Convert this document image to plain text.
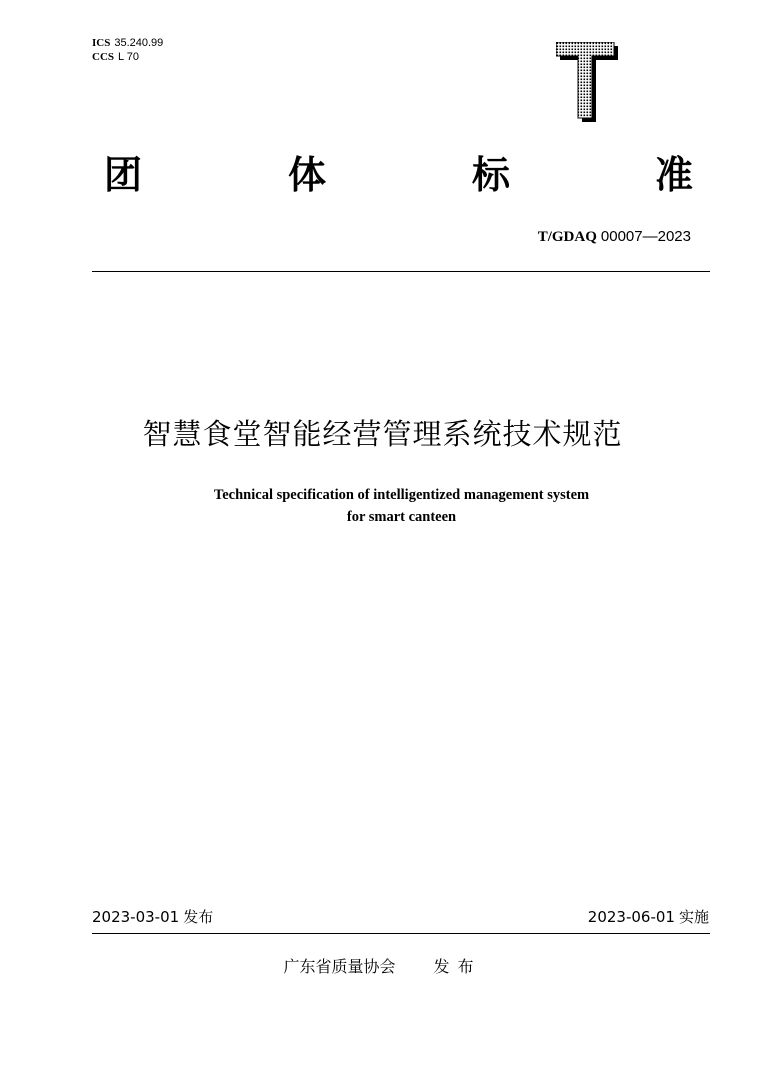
ICS 35.240.99
CCS L 70
团	体	标	准
T/GDAQ 00007—2023
智慧食堂智能经营管理系统技术规范
Technical specification of intelligentized management system
for smart canteen
2023-03-01 发布	2023-06-01 实施
广东省质量协会 发布
